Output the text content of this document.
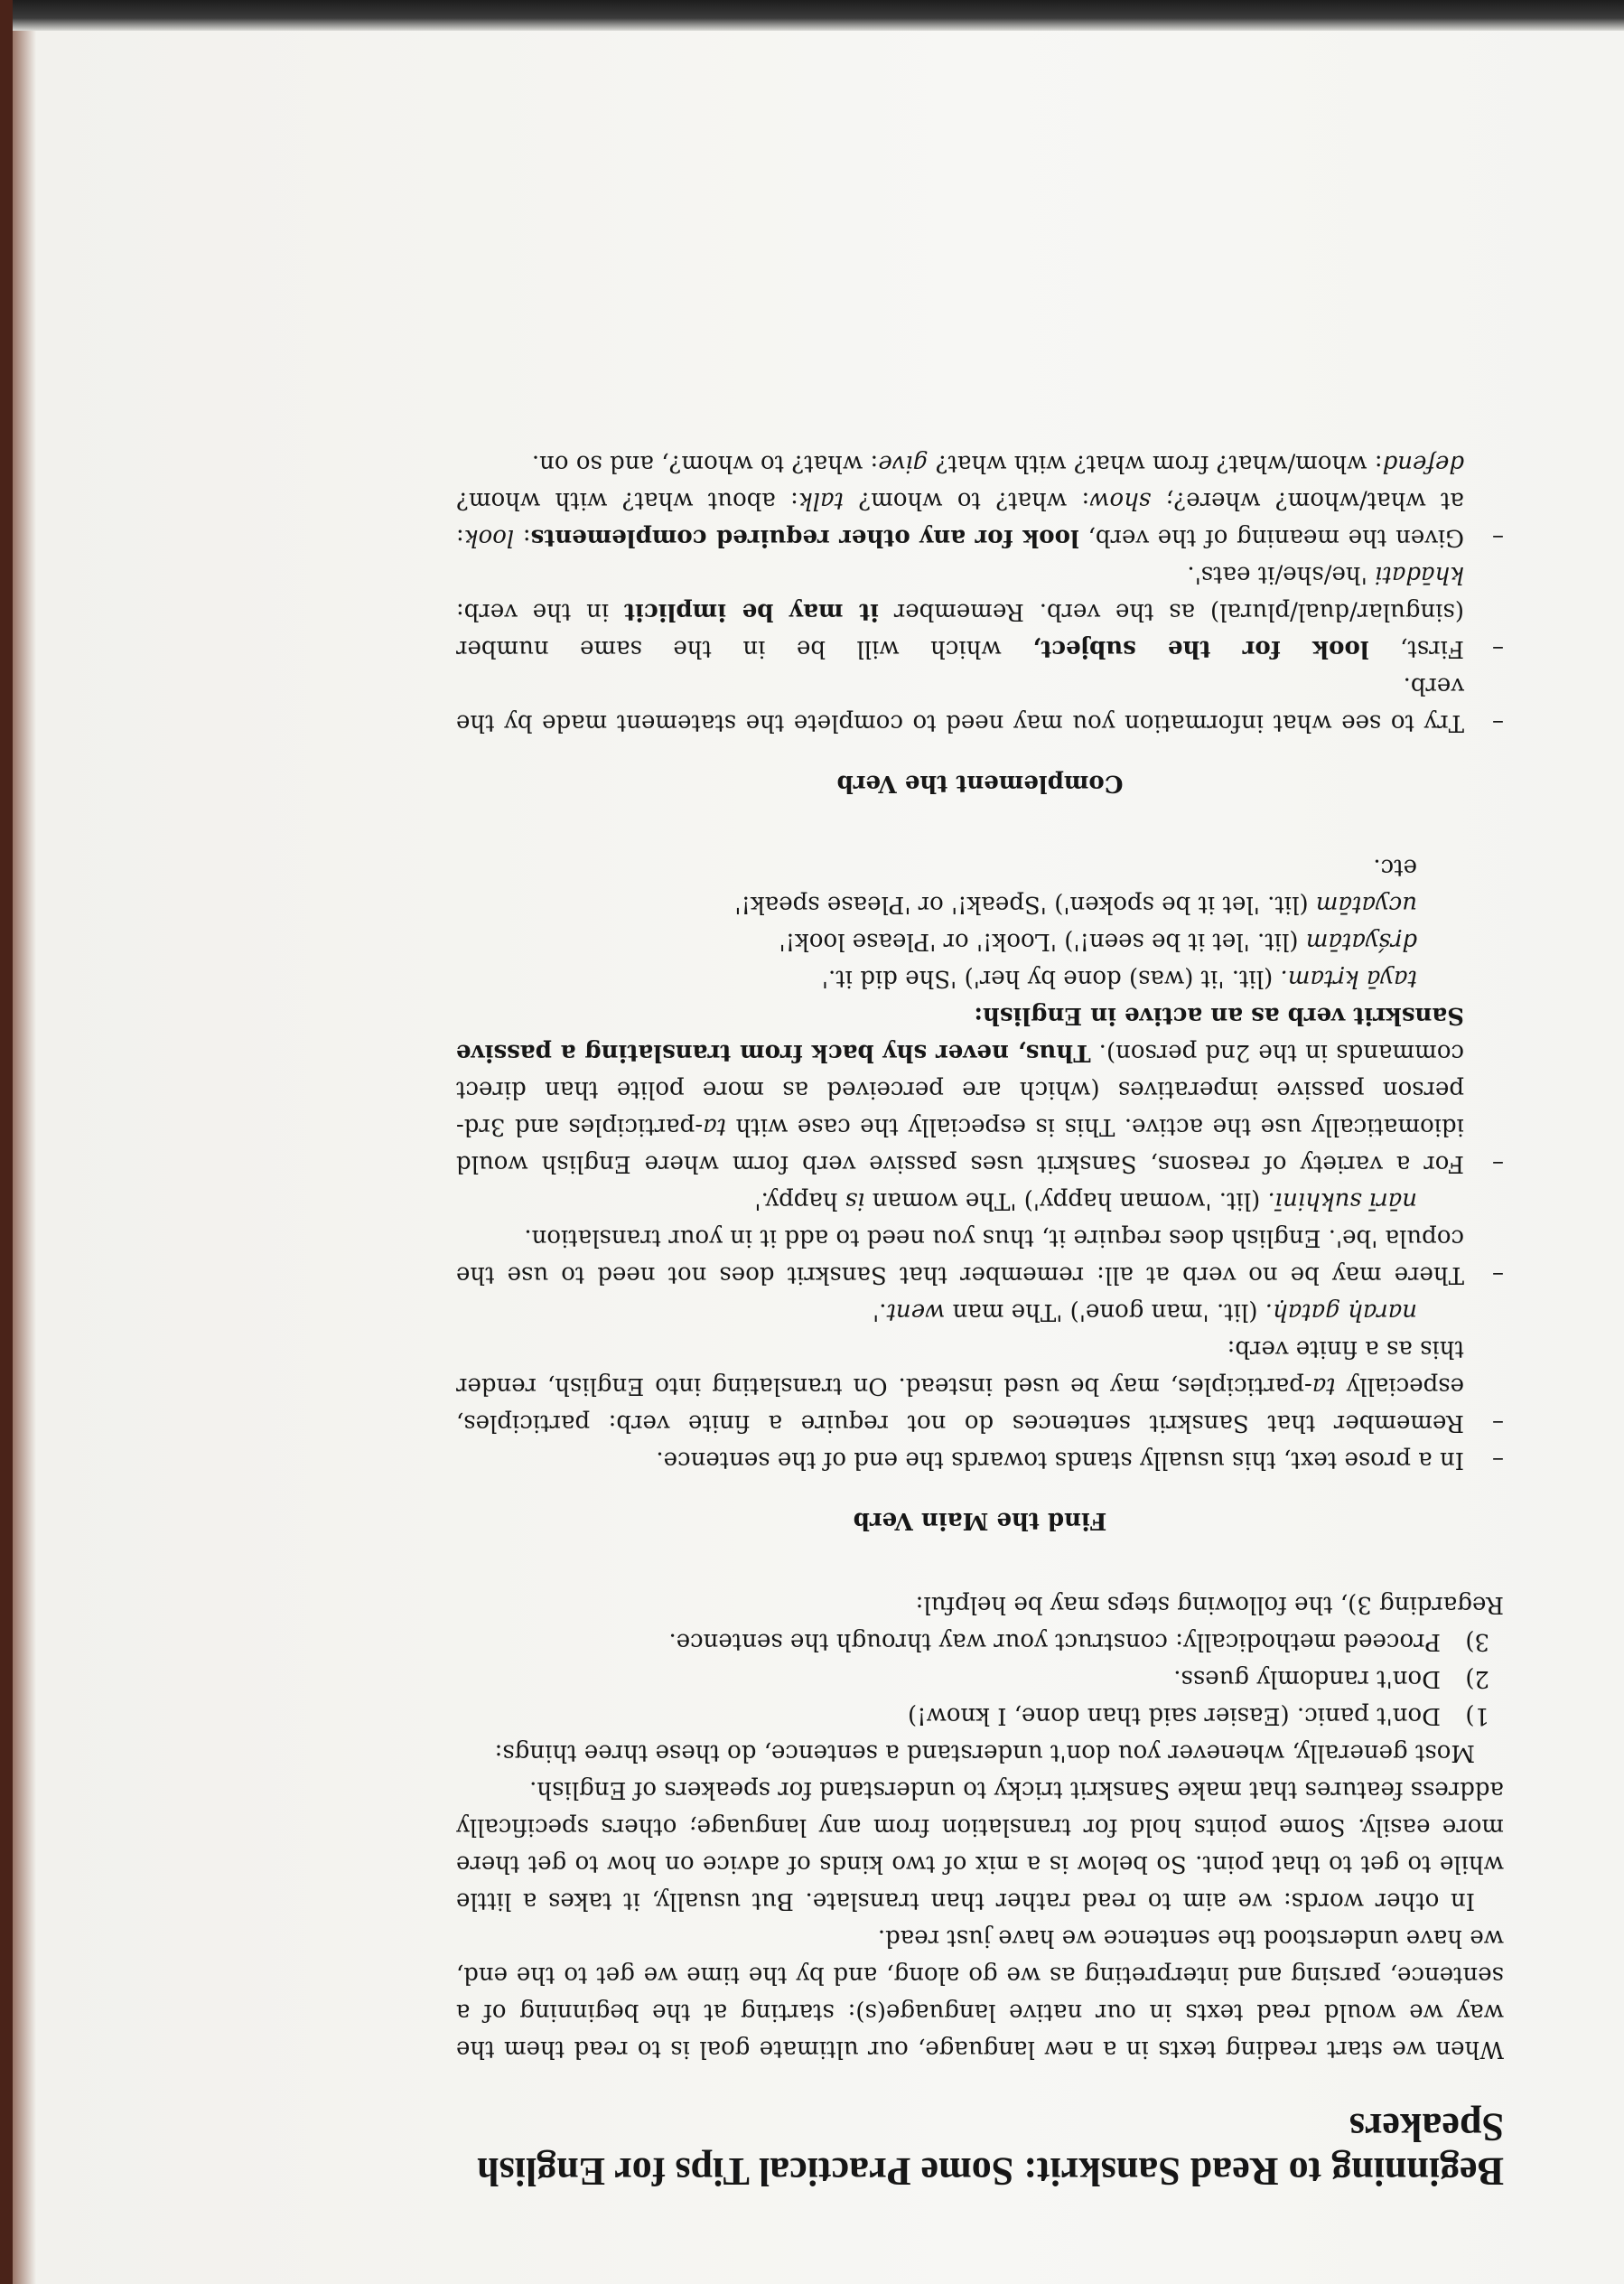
Beginning to Read Sanskrit: Some Practical Tips for English Speakers

When we start reading texts in a new language, our ultimate goal is to read them the way we would read texts in our native language(s): starting at the beginning of a sentence, parsing and interpreting as we go along, and by the time we get to the end, we have understood the sentence we have just read.

In other words: we aim to read rather than translate. But usually, it takes a little while to get to that point. So below is a mix of two kinds of advice on how to get there more easily. Some points hold for translation from any language; others specifically address features that make Sanskrit tricky to understand for speakers of English.

Most generally, whenever you don't understand a sentence, do these three things:

1)
Don't panic. (Easier said than done, I know!)
2)
Don't randomly guess.
3)
Proceed methodically: construct your way through the sentence.

Regarding 3), the following steps may be helpful:

Find the Main Verb
–
In a prose text, this usually stands towards the end of the sentence.
–
Remember that Sanskrit sentences do not require a finite verb: participles, especially ta-participles, may be used instead. On translating into English, render this as a finite verb:
naraḥ gataḥ. (lit. 'man gone') 'The man went.'
–
There may be no verb at all: remember that Sanskrit does not need to use the copula 'be'. English does require it, thus you need to add it in your translation.
nārī sukhinī. (lit. 'woman happy') 'The woman is happy.'
–
For a variety of reasons, Sanskrit uses passive verb form where English would idiomatically use the active. This is especially the case with ta-participles and 3rd-person passive imperatives (which are perceived as more polite than direct commands in the 2nd person). Thus, never shy back from translating a passive Sanskrit verb as an active in English:
tayā kṛtam. (lit. 'it (was) done by her') 'She did it.'
dṛśyatām (lit. 'let it be seen!') 'Look!' or 'Please look!'
ucyatām (lit. 'let it be spoken') 'Speak!' or 'Please speak!'
etc.
Complement the Verb
–
Try to see what information you may need to complete the statement made by the verb.
–
First, look for the subject, which will be in the same number (singular/dual/plural) as the verb. Remember it may be implicit in the verb: khādati 'he/she/it eats'.
–
Given the meaning of the verb, look for any other required complements: look: at what/whom? where?; show: what? to whom? talk: about what? with whom? defend: whom/what? from what? with what? give: what? to whom?, and so on.
